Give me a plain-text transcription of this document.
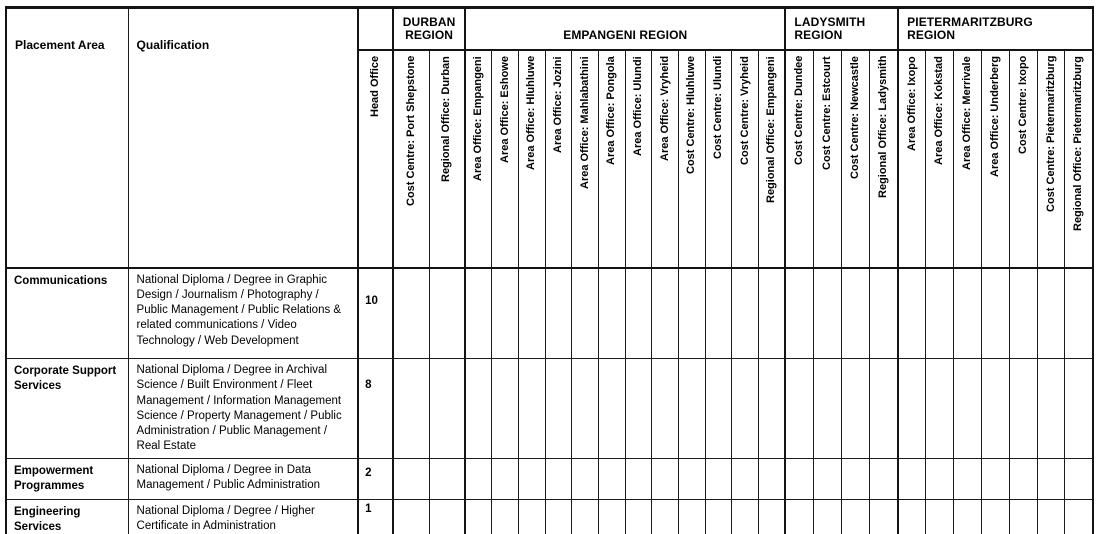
Placement Area	Qualification		DURBAN REGION		EMPANGENI REGION												LADYSMITH REGION				PIETERMARITZBURG REGION						
		Head Office	Cost Centre: Port Shepstone	Regional Office: Durban	Area Office: Empangeni	Area Office: Eshowe	Area Office: Hluhluwe	Area Office: Jozini	Area Office: Mahlabathini	Area Office: Pongola	Area Office: Ulundi	Area Office: Vryheid	Cost Centre: Hluhluwe	Cost Centre: Ulundi	Cost Centre: Vryheid	Regional Office: Empangeni	Cost Centre: Dundee	Cost Centre: Estcourt	Cost Centre: Newcastle	Regional Office: Ladysmith	Area Office: Ixopo	Area Office: Kokstad	Area Office: Merrivale	Area Office: Underberg	Cost Centre: Ixopo	Cost Centre: Pietermaritzburg	Regional Office: Pietermaritzburg
Communications	National Diploma / Degree in Graphic Design / Journalism / Photography / Public Management / Public Relations & related communications / Video Technology / Web Development	10																									
Corporate Support Services	National Diploma / Degree in Archival Science / Built Environment / Fleet Management / Information Management Science / Property Management / Public Administration / Public Management / Real Estate	8																									
Empowerment Programmes	National Diploma / Degree in Data Management / Public Administration	2																									
Engineering Services	National Diploma / Degree / Higher Certificate in Administration	1																									
